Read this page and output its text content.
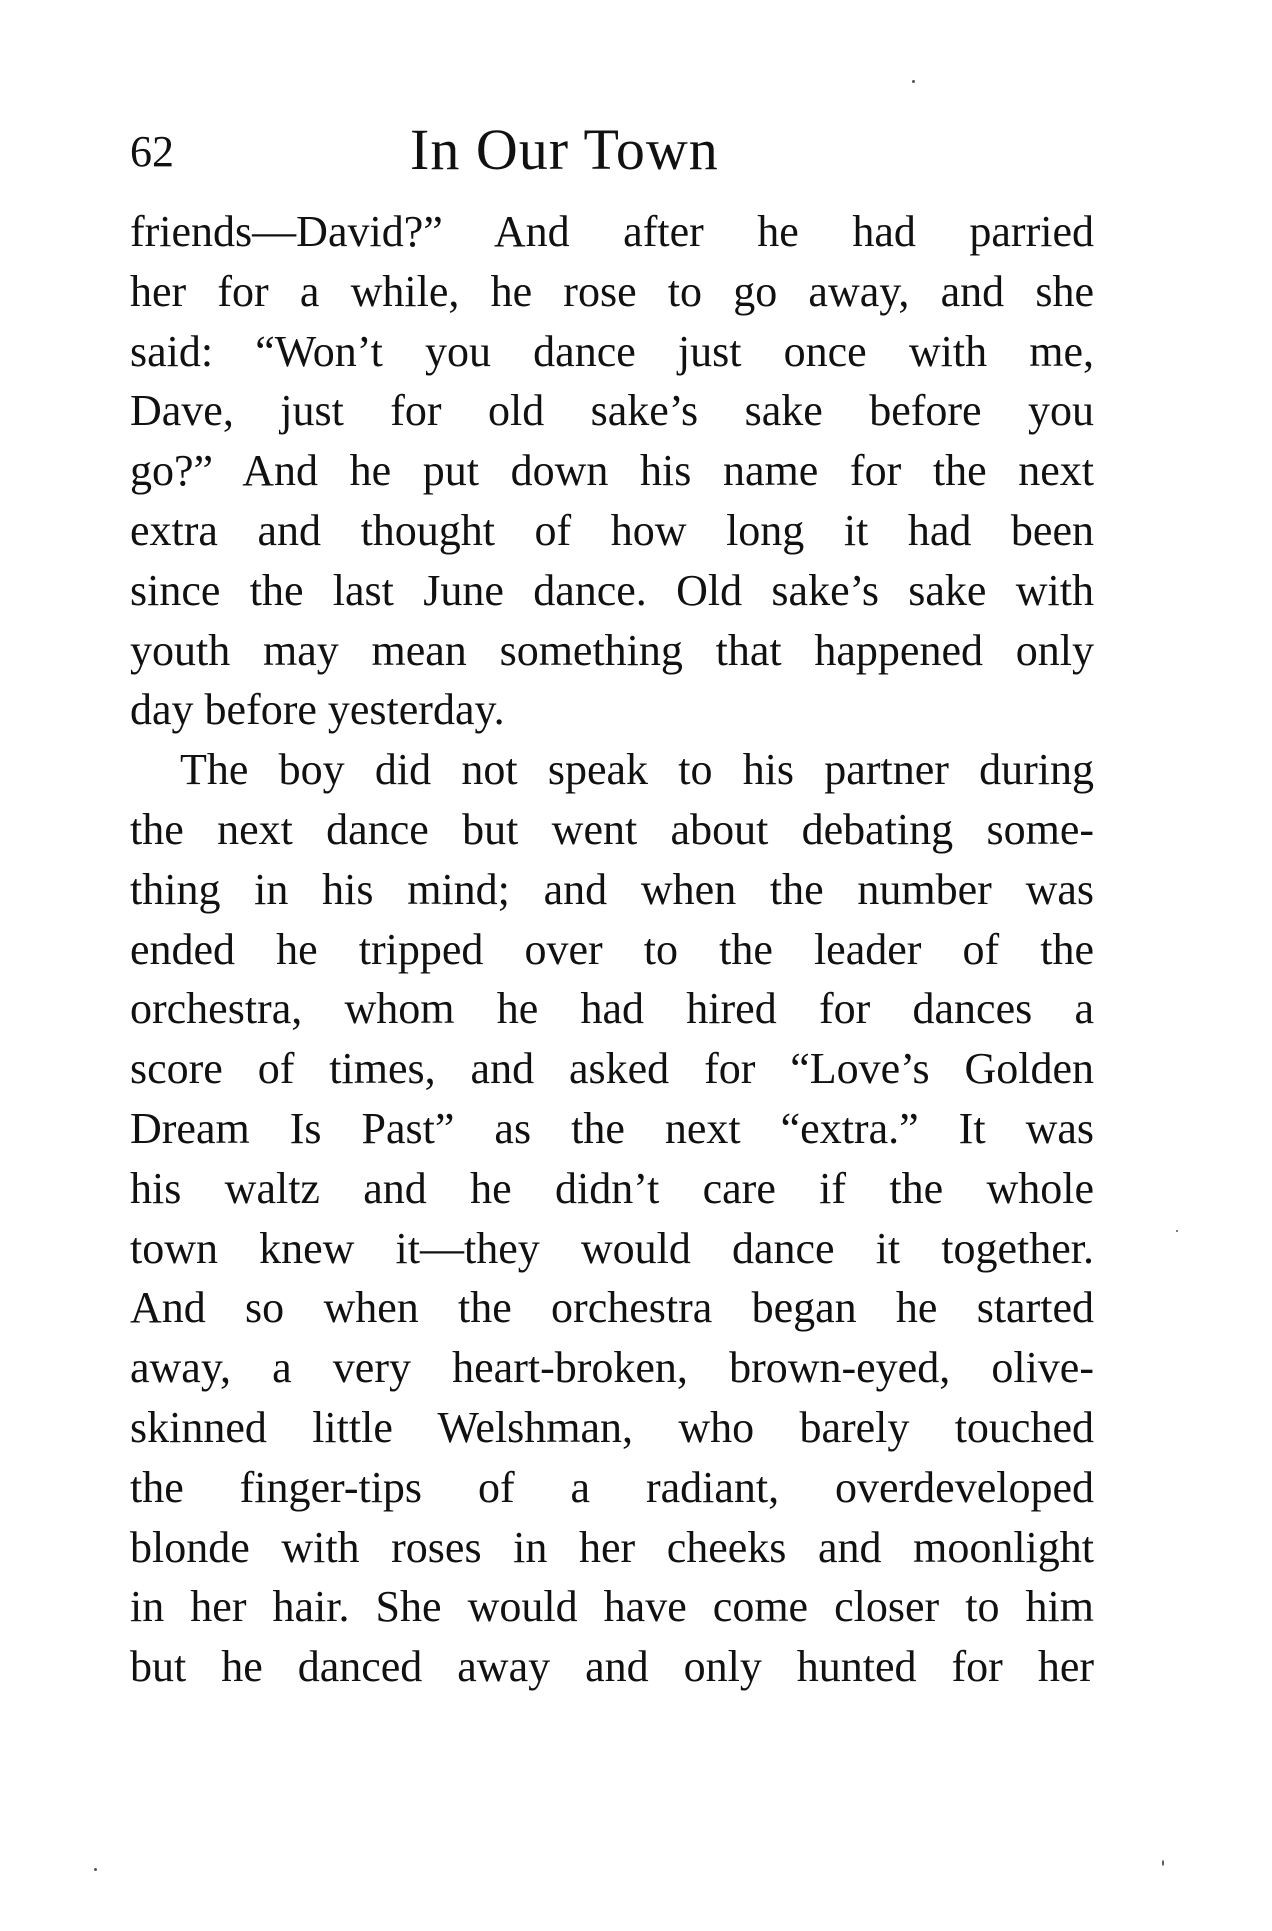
62	In Our Town
friends—David?” And after he had parried
her for a while, he rose to go away, and she
said: “Won’t you dance just once with me,
Dave, just for old sake’s sake before you
go?” And he put down his name for the next
extra and thought of how long it had been
since the last June dance. Old sake’s sake with
youth may mean something that happened only
day before yesterday.
The boy did not speak to his partner during
the next dance but went about debating some-
thing in his mind; and when the number was
ended he tripped over to the leader of the
orchestra, whom he had hired for dances a
score of times, and asked for “Love’s Golden
Dream Is Past” as the next “extra.” It was
his waltz and he didn’t care if the whole
town knew it—they would dance it together.
And so when the orchestra began he started
away, a very heart-broken, brown-eyed, olive-
skinned little Welshman, who barely touched
the finger-tips of a radiant, overdeveloped
blonde with roses in her cheeks and moonlight
in her hair. She would have come closer to him
but he danced away and only hunted for her
